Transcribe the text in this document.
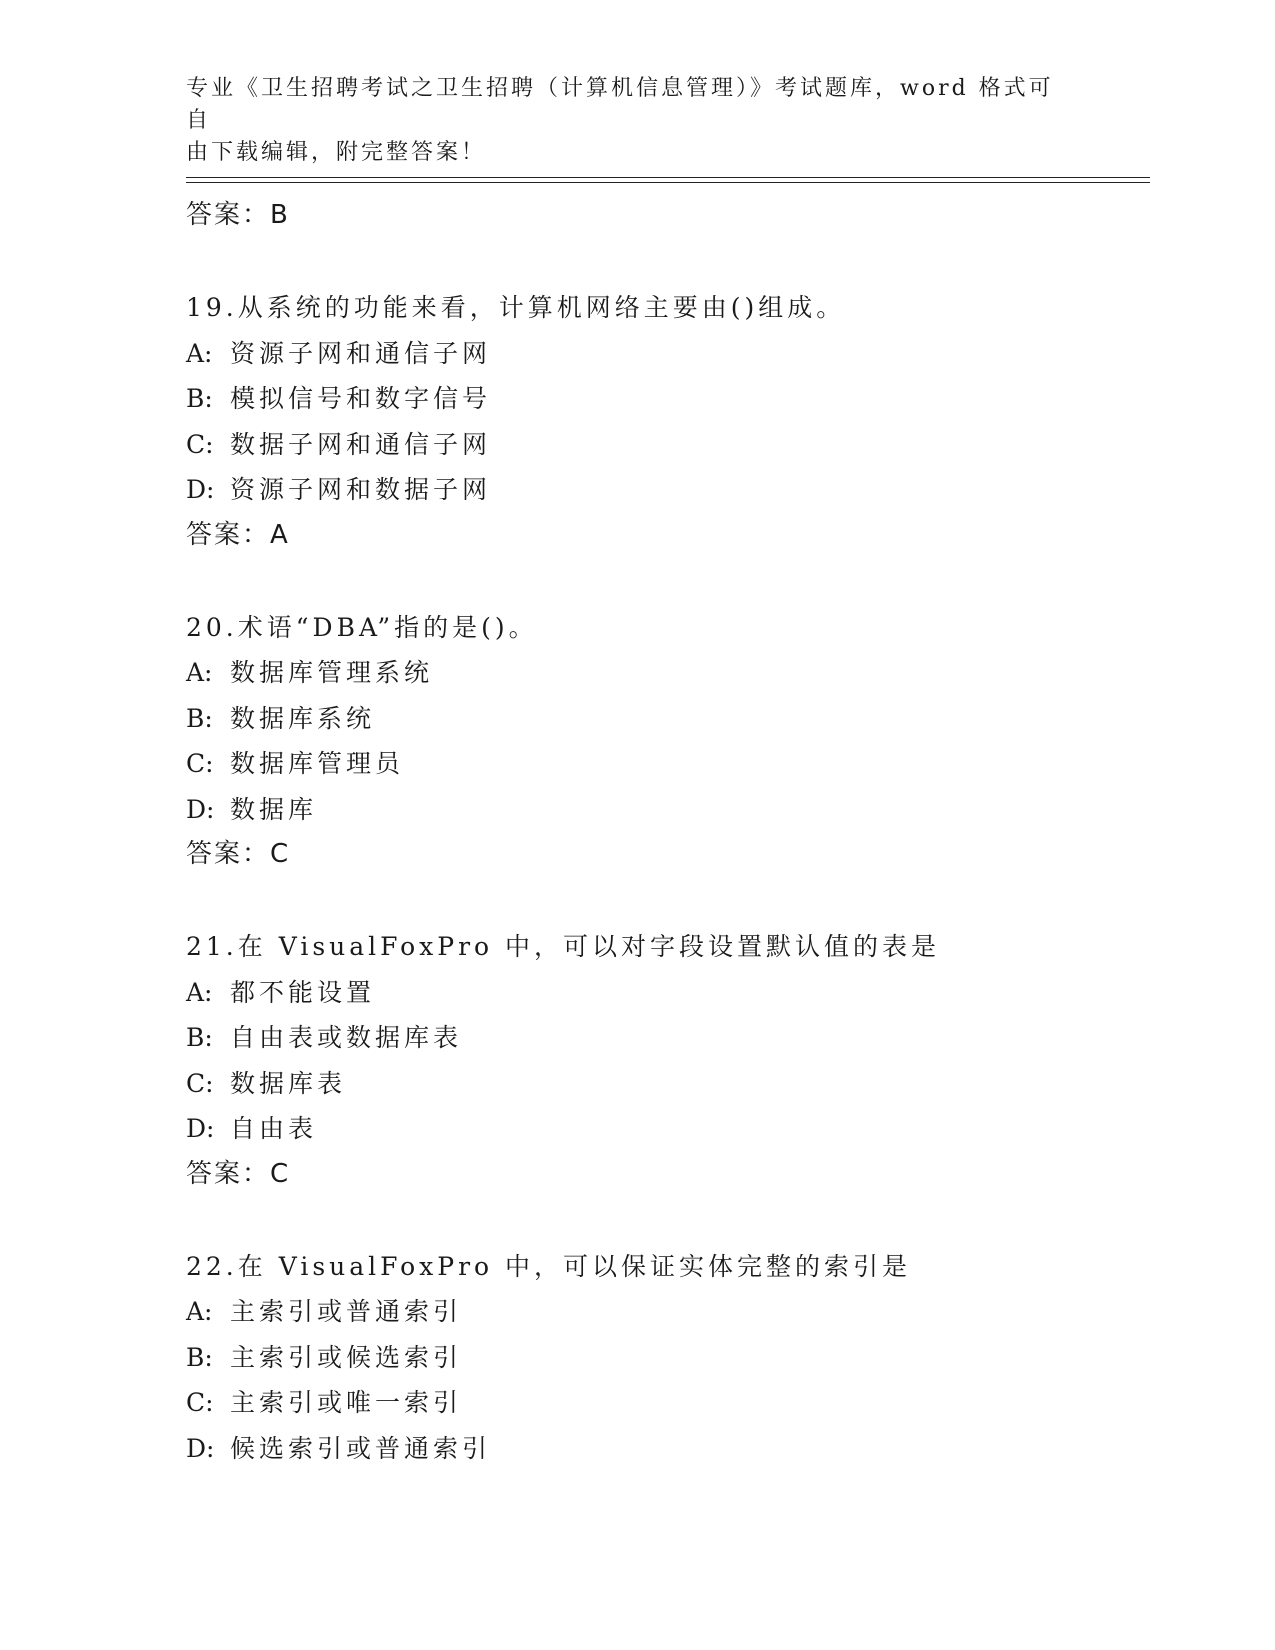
专业《卫生招聘考试之卫生招聘（计算机信息管理）》考试题库，word 格式可自
由下载编辑，附完整答案！
答案：B
19.从系统的功能来看，计算机网络主要由()组成。
A: 资源子网和通信子网
B: 模拟信号和数字信号
C: 数据子网和通信子网
D: 资源子网和数据子网
答案：A
20.术语“DBA”指的是()。
A: 数据库管理系统
B: 数据库系统
C: 数据库管理员
D: 数据库
答案：C
21.在 VisualFoxPro 中，可以对字段设置默认值的表是
A: 都不能设置
B: 自由表或数据库表
C: 数据库表
D: 自由表
答案：C
22.在 VisualFoxPro 中，可以保证实体完整的索引是
A: 主索引或普通索引
B: 主索引或候选索引
C: 主索引或唯一索引
D: 候选索引或普通索引
